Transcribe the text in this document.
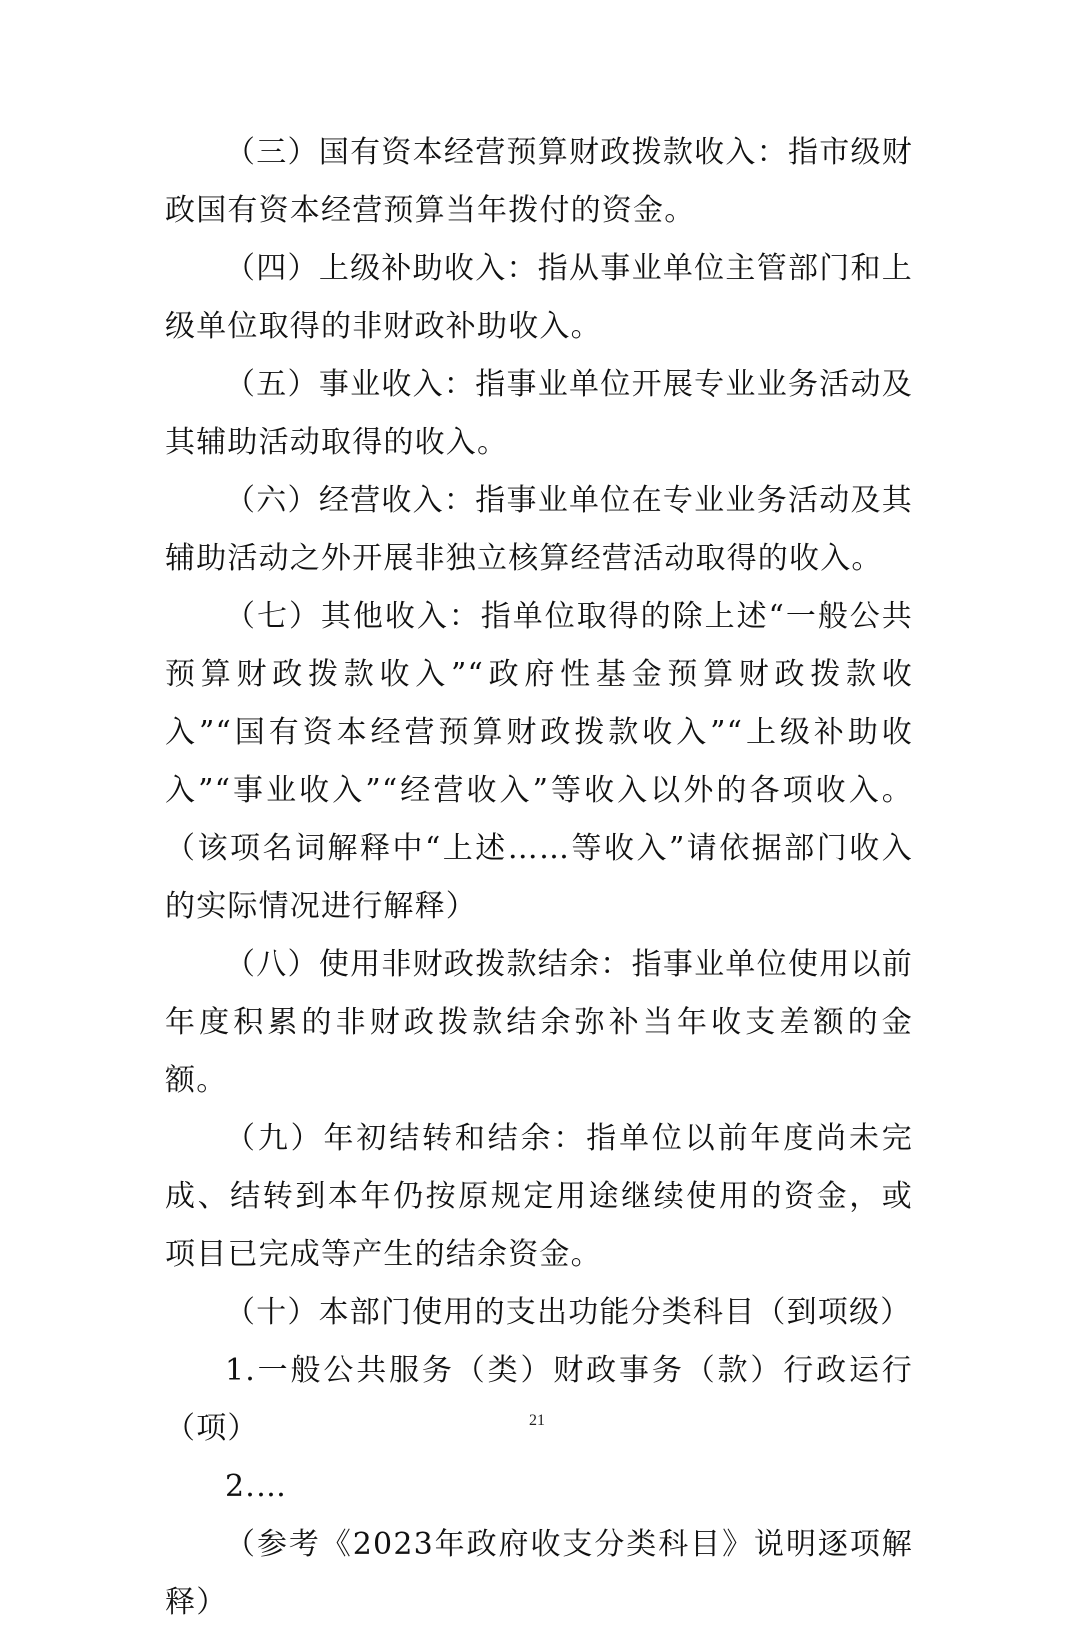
（三）国有资本经营预算财政拨款收入：指市级财政国有资本经营预算当年拨付的资金。

（四）上级补助收入：指从事业单位主管部门和上级单位取得的非财政补助收入。

（五）事业收入：指事业单位开展专业业务活动及其辅助活动取得的收入。

（六）经营收入：指事业单位在专业业务活动及其辅助活动之外开展非独立核算经营活动取得的收入。

（七）其他收入：指单位取得的除上述“一般公共预算财政拨款收入”“政府性基金预算财政拨款收入”“国有资本经营预算财政拨款收入”“上级补助收入”“事业收入”“经营收入”等收入以外的各项收入。（该项名词解释中“上述……等收入”请依据部门收入的实际情况进行解释）

（八）使用非财政拨款结余：指事业单位使用以前年度积累的非财政拨款结余弥补当年收支差额的金额。

（九）年初结转和结余：指单位以前年度尚未完成、结转到本年仍按原规定用途继续使用的资金，或项目已完成等产生的结余资金。

（十）本部门使用的支出功能分类科目（到项级）

1.一般公共服务（类）财政事务（款）行政运行（项）

2.…

（参考《2023年政府收支分类科目》说明逐项解释）

21
